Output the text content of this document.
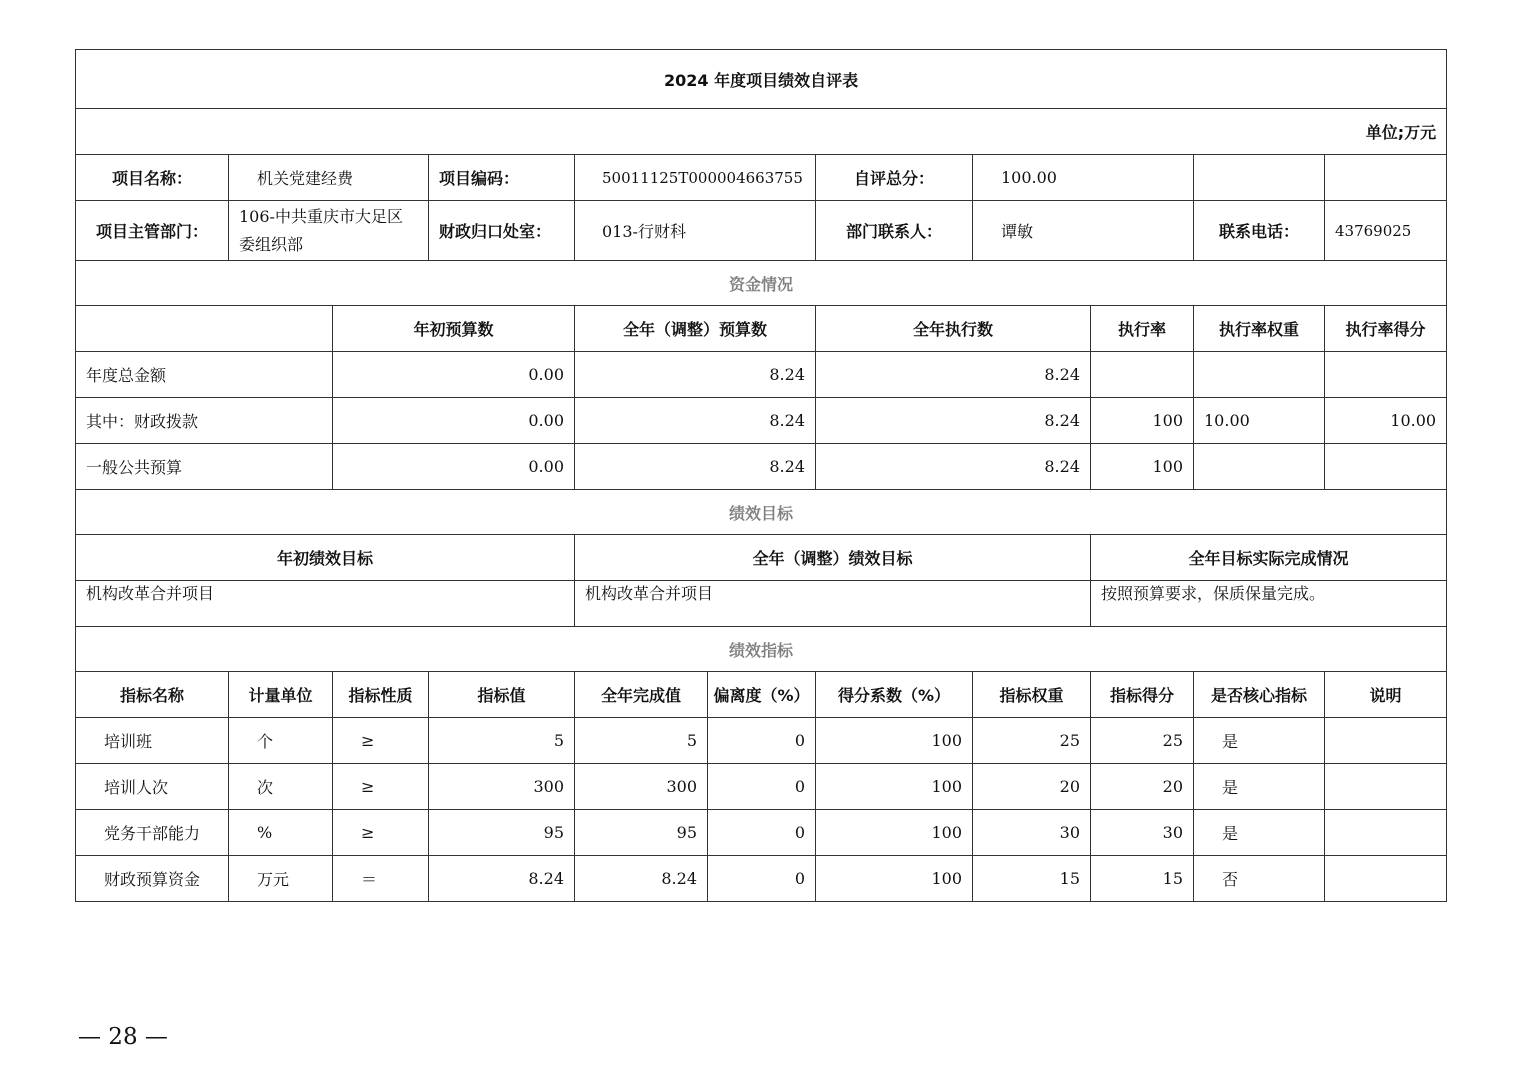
2024 年度项目绩效自评表										
单位;万元										
项目名称：	机关党建经费		项目编码：	50011125T000004663755		自评总分：	100.00			
项目主管部门：	106-中共重庆市大足区委组织部		财政归口处室：	013-行财科		部门联系人：	谭敏		联系电话：	43769025
资金情况										
		年初预算数		全年（调整）预算数		全年执行数		执行率	执行率权重	执行率得分
年度总金额		0.00		8.24		8.24				
其中：财政拨款		0.00		8.24		8.24		100	10.00	10.00
一般公共预算		0.00		8.24		8.24		100		
绩效目标										
年初绩效目标				全年（调整）绩效目标				全年目标实际完成情况		
机构改革合并项目				机构改革合并项目				按照预算要求，保质保量完成。		
绩效指标										
指标名称	计量单位	指标性质	指标值	全年完成值	偏离度（%）	得分系数（%）	指标权重	指标得分	是否核心指标	说明
培训班	个	≥	5	5	0	100	25	25	是	
培训人次	次	≥	300	300	0	100	20	20	是	
党务干部能力	%	≥	95	95	0	100	30	30	是	
财政预算资金	万元	＝	8.24	8.24	0	100	15	15	否	
— 28 —
